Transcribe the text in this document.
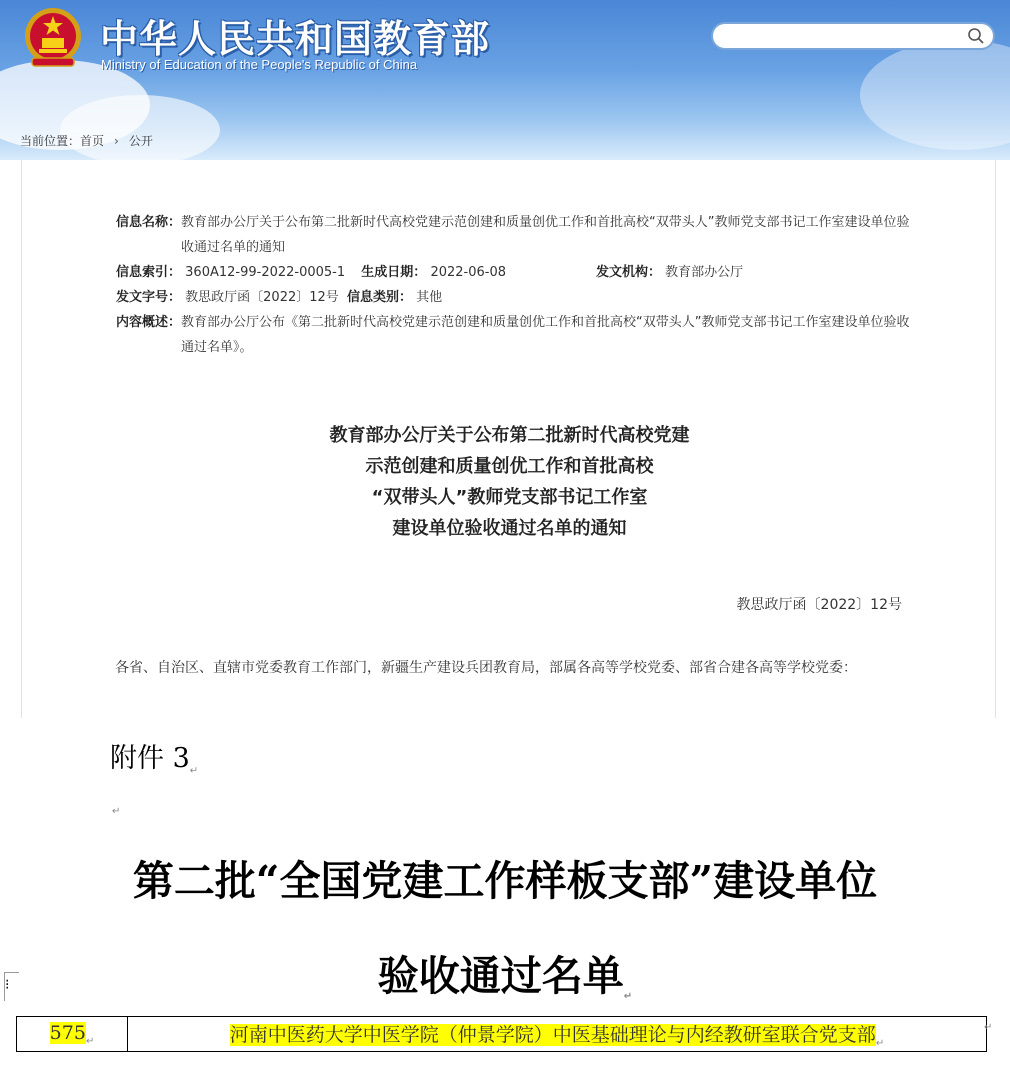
中华人民共和国教育部
Ministry of Education of the People's Republic of China
当前位置：首页 › 公开
信息名称： 教育部办公厅关于公布第二批新时代高校党建示范创建和质量创优工作和首批高校“双带头人”教师党支部书记工作室建设单位验收通过名单的通知
信息索引： 360A12-99-2022-0005-1 生成日期： 2022-06-08	发文机构： 教育部办公厅
发文字号： 教思政厅函〔2022〕12号 信息类别： 其他
内容概述： 教育部办公厅公布《第二批新时代高校党建示范创建和质量创优工作和首批高校“双带头人”教师党支部书记工作室建设单位验收通过名单》。
教育部办公厅关于公布第二批新时代高校党建
示范创建和质量创优工作和首批高校
“双带头人”教师党支部书记工作室
建设单位验收通过名单的通知
教思政厅函〔2022〕12号
各省、自治区、直辖市党委教育工作部门，新疆生产建设兵团教育局，部属各高等学校党委、部省合建各高等学校党委：
附件 $3_↵$
↵
第二批“全国党建工作样板支部”建设单位
验收通过名单$_↵$
⁝
$575_↵$	河南中医药大学中医学院（仲景学院）中医基础理论与内经教研室联合党支部$_↵$
↵
